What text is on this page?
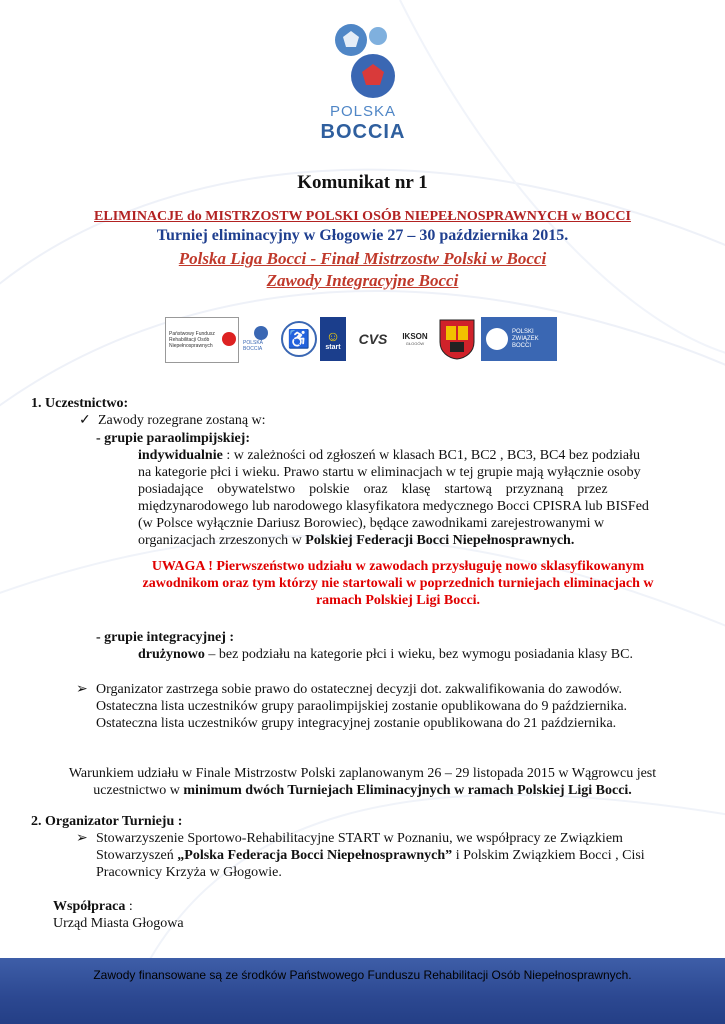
POLSKA
BOCCIA
Komunikat nr 1
ELIMINACJE do MISTRZOSTW POLSKI OSÓB NIEPEŁNOSPRAWNYCH w BOCCI
Turniej eliminacyjny w Głogowie 27 – 30 października 2015.
Polska Liga Bocci - Finał Mistrzostw Polski w Bocci
Zawody Integracyjne Bocci
Państwowy Fundusz Rehabilitacji Osób Niepełnosprawnych	POLSKA BOCCIA	♿	☺
start CVS IKSON
GŁOGÓW
POLSKI ZWIĄZEK BOCCI
1. Uczestnictwo:
✓ Zawody rozegrane zostaną w:
- grupie paraolimpijskiej:
indywidualnie : w zależności od zgłoszeń w klasach BC1, BC2 , BC3, BC4 bez podziału
na kategorie płci i wieku. Prawo startu w eliminacjach w tej grupie mają wyłącznie osoby
posiadające    obywatelstwo    polskie    oraz    klasę    startową    przyznaną    przez
międzynarodowego lub narodowego klasyfikatora medycznego Bocci CPISRA lub BISFed
(w Polsce wyłącznie Dariusz Borowiec), będące zawodnikami zarejestrowanymi w
organizacjach zrzeszonych w Polskiej Federacji Bocci Niepełnosprawnych.
UWAGA ! Pierwszeństwo udziału w zawodach przysługuję nowo sklasyfikowanym
zawodnikom oraz tym którzy nie startowali w poprzednich turniejach eliminacjach w
ramach Polskiej Ligi Bocci.
- grupie integracyjnej :
drużynowo – bez podziału na kategorie płci i wieku, bez wymogu posiadania klasy BC.
➢ Organizator zastrzega sobie prawo do ostatecznej decyzji dot. zakwalifikowania do zawodów.
Ostateczna lista uczestników grupy paraolimpijskiej zostanie opublikowana do 9 października.
Ostateczna lista uczestników grupy integracyjnej zostanie opublikowana do 21 października.
Warunkiem udziału w Finale Mistrzostw Polski zaplanowanym 26 – 29 listopada 2015 w Wągrowcu jest
uczestnictwo w minimum dwóch Turniejach Eliminacyjnych w ramach Polskiej Ligi Bocci.
2. Organizator Turnieju :
➢ Stowarzyszenie Sportowo-Rehabilitacyjne START w Poznaniu, we współpracy ze Związkiem
Stowarzyszeń „Polska Federacja Bocci Niepełnosprawnych” i Polskim Związkiem Bocci , Cisi
Pracownicy Krzyża w Głogowie.
Współpraca :
Urząd Miasta Głogowa
Zawody finansowane są ze środków Państwowego Funduszu Rehabilitacji Osób Niepełnosprawnych.
